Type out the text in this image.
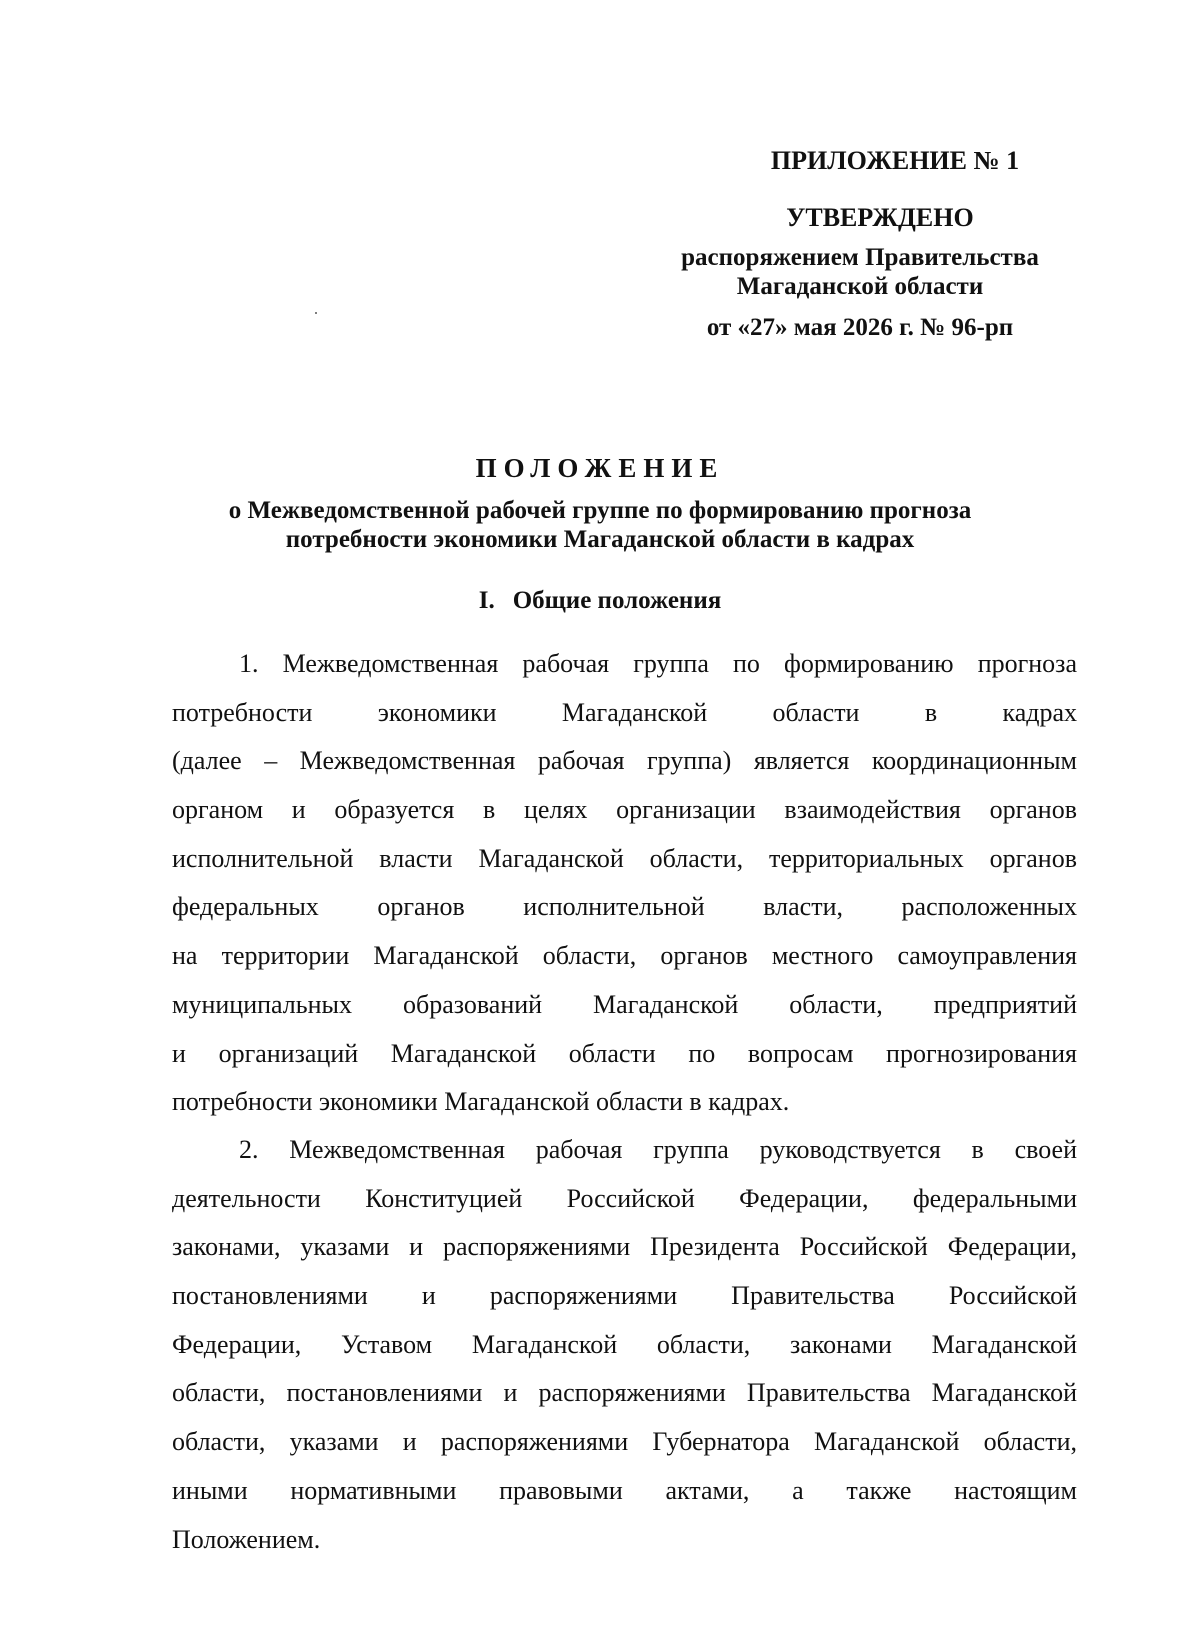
ПРИЛОЖЕНИЕ № 1
УТВЕРЖДЕНО
распоряжением Правительства
Магаданской области
от «27» мая 2026 г. № 96-рп
ПОЛОЖЕНИЕ
о Межведомственной рабочей группе по формированию прогноза
потребности экономики Магаданской области в кадрах
I. Общие положения
1. Межведомственная рабочая группа по формированию прогноза
потребности экономики Магаданской области в кадрах
(далее – Межведомственная рабочая группа) является координационным
органом и образуется в целях организации взаимодействия органов
исполнительной власти Магаданской области, территориальных органов
федеральных органов исполнительной власти, расположенных
на территории Магаданской области, органов местного самоуправления
муниципальных образований Магаданской области, предприятий
и организаций Магаданской области по вопросам прогнозирования
потребности экономики Магаданской области в кадрах.
2. Межведомственная рабочая группа руководствуется в своей
деятельности Конституцией Российской Федерации, федеральными
законами, указами и распоряжениями Президента Российской Федерации,
постановлениями и распоряжениями Правительства Российской
Федерации, Уставом Магаданской области, законами Магаданской
области, постановлениями и распоряжениями Правительства Магаданской
области, указами и распоряжениями Губернатора Магаданской области,
иными нормативными правовыми актами, а также настоящим
Положением.
